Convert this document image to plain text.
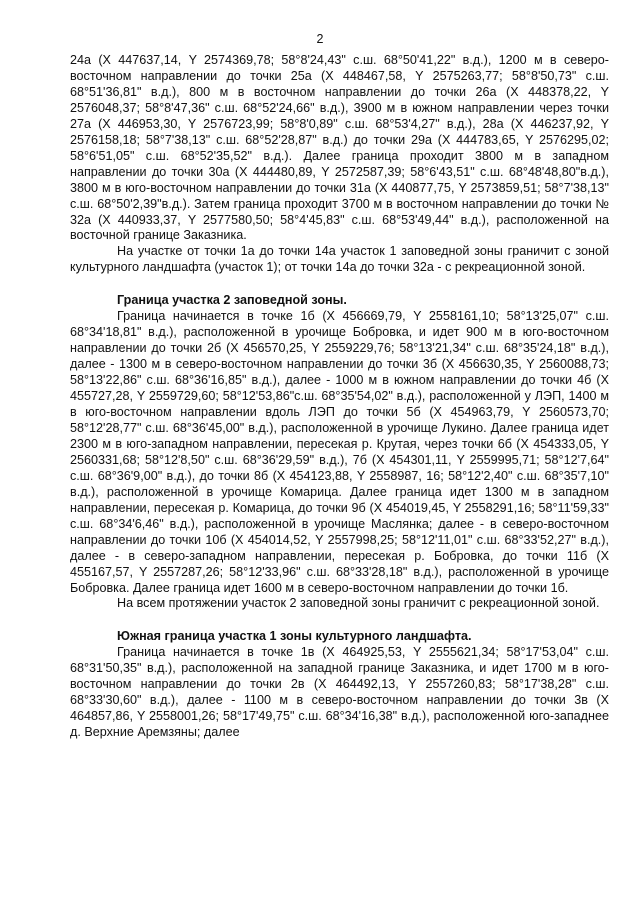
2

24а (Х 447637,14, Y 2574369,78; 58°8'24,43" с.ш. 68°50'41,22" в.д.), 1200 м в северо-восточном направлении до точки 25а (Х 448467,58, Y 2575263,77; 58°8'50,73" с.ш. 68°51'36,81" в.д.), 800 м в восточном направлении до точки 26а (Х 448378,22, Y 2576048,37; 58°8'47,36" с.ш. 68°52'24,66" в.д.), 3900 м в южном направлении через точки 27а (Х 446953,30, Y 2576723,99; 58°8'0,89" с.ш. 68°53'4,27" в.д.), 28а (Х 446237,92, Y 2576158,18; 58°7'38,13" с.ш. 68°52'28,87" в.д.) до точки 29а (Х 444783,65, Y 2576295,02; 58°6'51,05" с.ш. 68°52'35,52" в.д.). Далее граница проходит 3800 м в западном направлении до точки 30а (Х 444480,89, Y 2572587,39; 58°6'43,51" с.ш. 68°48'48,80"в.д.), 3800 м в юго-восточном направлении до точки 31а (Х 440877,75, Y 2573859,51; 58°7'38,13" с.ш. 68°50'2,39"в.д.). Затем граница проходит 3700 м в восточном направлении до точки № 32а (Х 440933,37, Y 2577580,50; 58°4'45,83" с.ш. 68°53'49,44" в.д.), расположенной на восточной границе Заказника.

На участке от точки 1а до точки 14а участок 1 заповедной зоны граничит с зоной культурного ландшафта (участок 1); от точки 14а до точки 32а - с рекреационной зоной.

Граница участка 2 заповедной зоны.

Граница начинается в точке 1б (Х 456669,79, Y 2558161,10; 58°13'25,07" с.ш. 68°34'18,81" в.д.), расположенной в урочище Бобровка, и идет 900 м в юго-восточном направлении до точки 2б (Х 456570,25, Y 2559229,76; 58°13'21,34" с.ш. 68°35'24,18" в.д.), далее - 1300 м в северо-восточном направлении до точки 3б (Х 456630,35, Y 2560088,73; 58°13'22,86" с.ш. 68°36'16,85" в.д.), далее - 1000 м в южном направлении до точки 4б (Х 455727,28, Y 2559729,60; 58°12'53,86"с.ш. 68°35'54,02" в.д.), расположенной у ЛЭП, 1400 м в юго-восточном направлении вдоль ЛЭП до точки 5б (Х 454963,79, Y 2560573,70; 58°12'28,77" с.ш. 68°36'45,00" в.д.), расположенной в урочище Лукино. Далее граница идет 2300 м в юго-западном направлении, пересекая р. Крутая, через точки 6б (Х 454333,05, Y 2560331,68; 58°12'8,50" с.ш. 68°36'29,59" в.д.), 7б (Х 454301,11, Y 2559995,71; 58°12'7,64" с.ш. 68°36'9,00" в.д.), до точки 8б (Х 454123,88, Y 2558987, 16; 58°12'2,40" с.ш. 68°35'7,10" в.д.), расположенной в урочище Комарица. Далее граница идет 1300 м в западном направлении, пересекая р. Комарица, до точки 9б (Х 454019,45, Y 2558291,16; 58°11'59,33" с.ш. 68°34'6,46" в.д.), расположенной в урочище Маслянка; далее - в северо-восточном направлении до точки 10б (Х 454014,52, Y 2557998,25; 58°12'11,01" с.ш. 68°33'52,27" в.д.), далее - в северо-западном направлении, пересекая р. Бобровка, до точки 11б (Х 455167,57, Y 2557287,26; 58°12'33,96" с.ш. 68°33'28,18" в.д.), расположенной в урочище Бобровка. Далее граница идет 1600 м в северо-восточном направлении до точки 1б.

На всем протяжении участок 2 заповедной зоны граничит с рекреационной зоной.

Южная граница участка 1 зоны культурного ландшафта.

Граница начинается в точке 1в (Х 464925,53, Y 2555621,34; 58°17'53,04" с.ш. 68°31'50,35" в.д.), расположенной на западной границе Заказника, и идет 1700 м в юго-восточном направлении до точки 2в (Х 464492,13, Y 2557260,83; 58°17'38,28" с.ш. 68°33'30,60" в.д.), далее - 1100 м в северо-восточном направлении до точки 3в (Х 464857,86, Y 2558001,26; 58°17'49,75" с.ш. 68°34'16,38" в.д.), расположенной юго-западнее д. Верхние Аремзяны; далее
